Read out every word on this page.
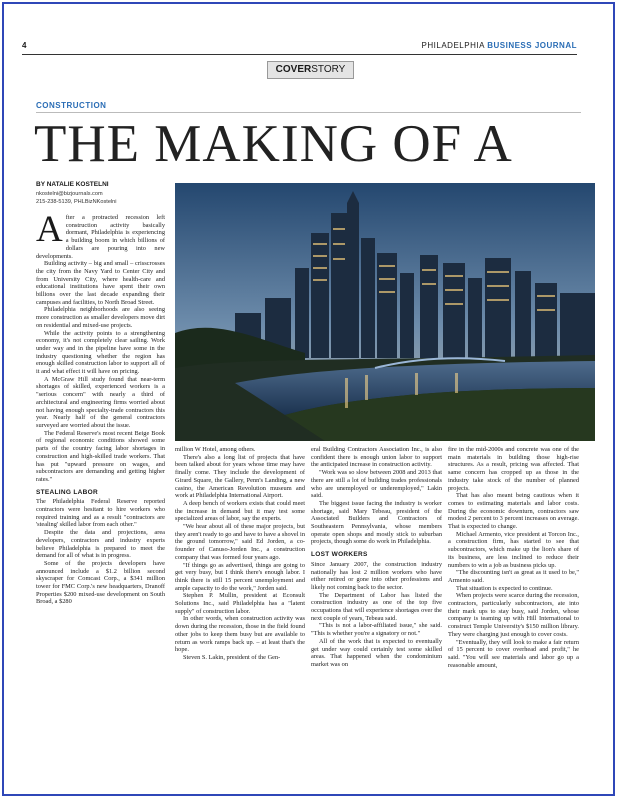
4	PHILADELPHIA BUSINESS JOURNAL
COVERSTORY
CONSTRUCTION
THE MAKING OF A
BY NATALIE KOSTELNI
nkostelni@bizjournals.com
215-238-5139, PHLBizNKostelni

After a protracted recession left construction activity basically dormant, Philadelphia is experiencing a building boom in which billions of dollars are pouring into new developments.

Building activity – big and small – crisscrosses the city from the Navy Yard to Center City and from University City, where health-care and educational institutions have spent their own billions over the last decade expanding their campuses and facilities, to North Broad Street.

Philadelphia neighborhoods are also seeing more construction as smaller developers move dirt on residential and mixed-use projects.

While the activity points to a strengthening economy, it's not completely clear sailing. Work under way and in the pipeline have some in the industry questioning whether the region has enough skilled construction labor to support all of it and what effect it will have on pricing.

A McGraw Hill study found that near-term shortages of skilled, experienced workers is a "serious concern" with nearly a third of architectural and engineering firms worried about not having enough specialty-trade contractors this year. Nearly half of the general contractors surveyed are worried about the issue.

The Federal Reserve's most recent Beige Book of regional economic conditions showed some parts of the country facing labor shortages in construction and high-skilled trade workers. That has put "upward pressure on wages, and subcontractors are demanding and getting higher rates."

STEALING LABOR

The Philadelphia Federal Reserve reported contractors were hesitant to hire workers who required training and as a result "contractors are 'stealing' skilled labor from each other."

Despite the data and projections, area developers, contractors and industry experts believe Philadelphia is prepared to meet the demand for all of what is in progress.

Some of the projects developers have announced include a $1.2 billion second skyscraper for Comcast Corp., a $341 million tower for FMC Corp.'s new headquarters, Dranoff Properties $200 mixed-use development on South Broad, a $280

million W Hotel, among others.

There's also a long list of projects that have been talked about for years whose time may have finally come. They include the development of Girard Square, the Gallery, Penn's Landing, a new casino, the American Revolution museum and work at Philadelphia International Airport.

A deep bench of workers exists that could meet the increase in demand but it may test some specialized areas of labor, say the experts.

"We hear about all of these major projects, but they aren't ready to go and have to have a shovel in the ground tomorrow," said Ed Jorden, a co-founder of Canuso-Jorden Inc., a construction company that was formed four years ago.

"If things go as advertised, things are going to get very busy, but I think there's enough labor. I think there is still 15 percent unemployment and ample capacity to do the work," Jorden said.

Stephen P. Mullin, president at Econsult Solutions Inc., said Philadelphia has a "latent supply" of construction labor.

In other words, when construction activity was down during the recession, those in the field found other jobs to keep them busy but are available to return as work ramps back up. – at least that's the hope.

Steven S. Lakin, president of the Gen-

eral Building Contractors Association Inc., is also confident there is enough union labor to support the anticipated increase in construction activity.

"Work was so slow between 2008 and 2013 that there are still a lot of building trades professionals who are unemployed or underemployed," Lakin said.

The biggest issue facing the industry is worker shortage, said Mary Tebeau, president of the Associated Builders and Contractors of Southeastern Pennsylvania, whose members operate open shops and mostly stick to suburban projects, though some do work in Philadelphia.

LOST WORKERS

Since January 2007, the construction industry nationally has lost 2 million workers who have either retired or gone into other professions and likely not coming back to the sector.

The Department of Labor has listed the construction industry as one of the top five occupations that will experience shortages over the next couple of years, Tebeau said.

"This is not a labor-affiliated issue," she said. "This is whether you're a signatory or not."

All of the work that is expected to eventually get under way could certainly test some skilled areas. That happened when the condominium market was on

fire in the mid-2000s and concrete was one of the main materials in building those high-rise structures. As a result, pricing was affected. That same concern has cropped up as those in the industry take stock of the number of planned projects.

That has also meant being cautious when it comes to estimating materials and labor costs. During the economic downturn, contractors saw modest 2 percent to 3 percent increases on average. That is expected to change.

Michael Armento, vice president at Torcon Inc., a construction firm, has started to see that subcontractors, which make up the lion's share of its business, are less inclined to reduce their numbers to win a job as business picks up.

"The discounting isn't as great as it used to be," Armento said.

That situation is expected to continue.

When projects were scarce during the recession, contractors, particularly subcontractors, ate into their mark ups to stay busy, said Jorden, whose company is teaming up with Hill International to construct Temple University's $150 million library. They were charging just enough to cover costs.

"Eventually, they will look to make a fair return of 15 percent to cover overhead and profit," he said. "You will see materials and labor go up a reasonable amount,
